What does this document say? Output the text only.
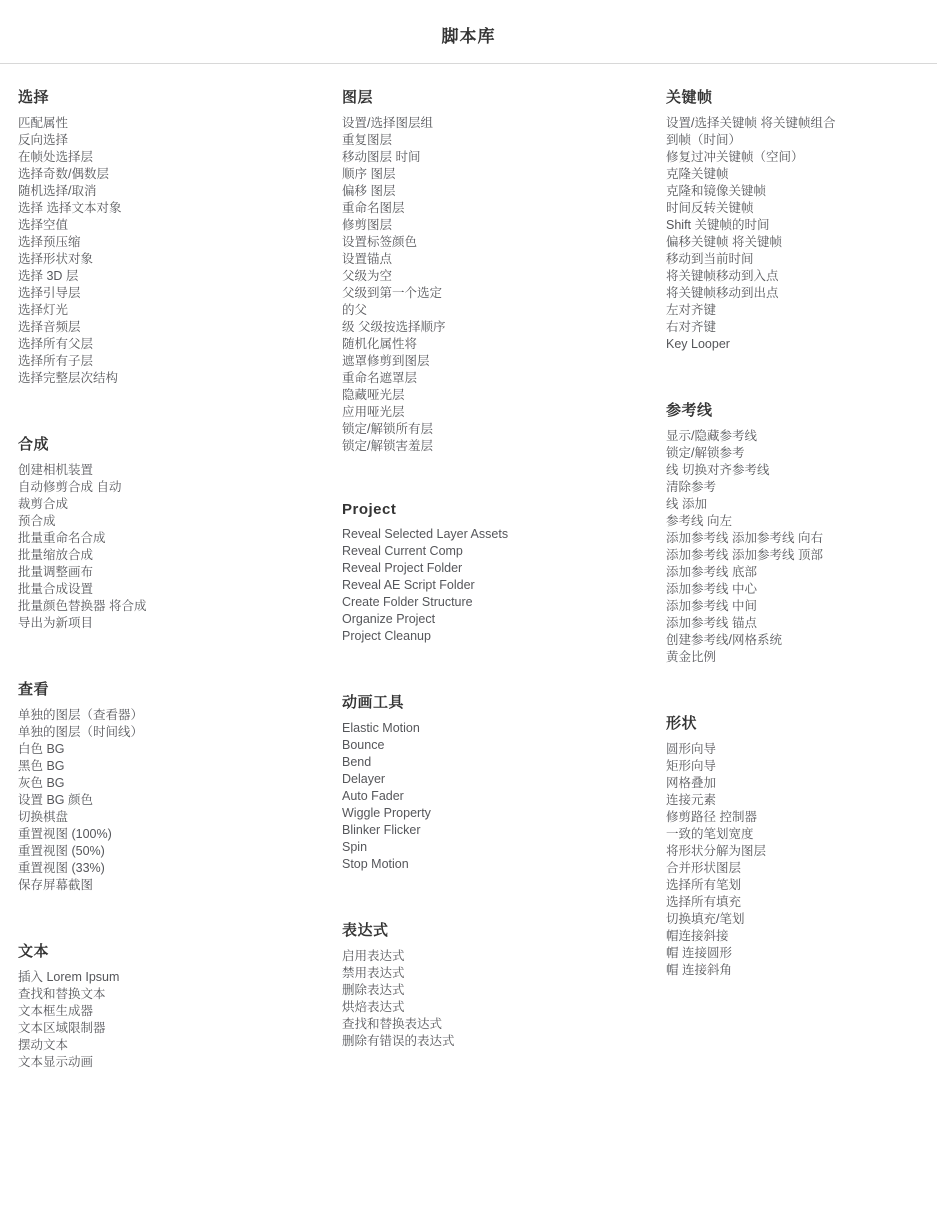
脚本库
选择
匹配属性
反向选择
在帧处选择层
选择奇数/偶数层
随机选择/取消
选择 选择文本对象
选择空值
选择预压缩
选择形状对象
选择 3D 层
选择引导层
选择灯光
选择音频层
选择所有父层
选择所有子层
选择完整层次结构
合成
创建相机装置
自动修剪合成 自动
裁剪合成
预合成
批量重命名合成
批量缩放合成
批量调整画布
批量合成设置
批量颜色替换器 将合成
导出为新项目
查看
单独的图层（查看器）
单独的图层（时间线）
白色 BG
黑色 BG
灰色 BG
设置 BG 颜色
切换棋盘
重置视图 (100%)
重置视图 (50%)
重置视图 (33%)
保存屏幕截图
文本
插入 Lorem Ipsum
查找和替换文本
文本框生成器
文本区域限制器
摆动文本
文本显示动画
图层
设置/选择图层组
重复图层
移动图层 时间
顺序 图层
偏移 图层
重命名图层
修剪图层
设置标签颜色
设置锚点
父级为空
父级到第一个选定
的父
级 父级按选择顺序
随机化属性将
遮罩修剪到图层
重命名遮罩层
隐藏哑光层
应用哑光层
锁定/解锁所有层
锁定/解锁害羞层
Project
Reveal Selected Layer Assets
Reveal Current Comp
Reveal Project Folder
Reveal AE Script Folder
Create Folder Structure
Organize Project
Project Cleanup
动画工具
Elastic Motion
Bounce
Bend
Delayer
Auto Fader
Wiggle Property
Blinker Flicker
Spin
Stop Motion
表达式
启用表达式
禁用表达式
删除表达式
烘焙表达式
查找和替换表达式
删除有错误的表达式
关键帧
设置/选择关键帧 将关键帧组合
到帧（时间）
修复过冲关键帧（空间）
克隆关键帧
克隆和镜像关键帧
时间反转关键帧
Shift 关键帧的时间
偏移关键帧 将关键帧
移动到当前时间
将关键帧移动到入点
将关键帧移动到出点
左对齐键
右对齐键
Key Looper
参考线
显示/隐藏参考线
锁定/解锁参考
线 切换对齐参考线
清除参考
线 添加
参考线 向左
添加参考线 添加参考线 向右
添加参考线 添加参考线 顶部
添加参考线 底部
添加参考线 中心
添加参考线 中间
添加参考线 锚点
创建参考线/网格系统
黄金比例
形状
圆形向导
矩形向导
网格叠加
连接元素
修剪路径 控制器
一致的笔划宽度
将形状分解为图层
合并形状图层
选择所有笔划
选择所有填充
切换填充/笔划
帽连接斜接
帽 连接圆形
帽 连接斜角
